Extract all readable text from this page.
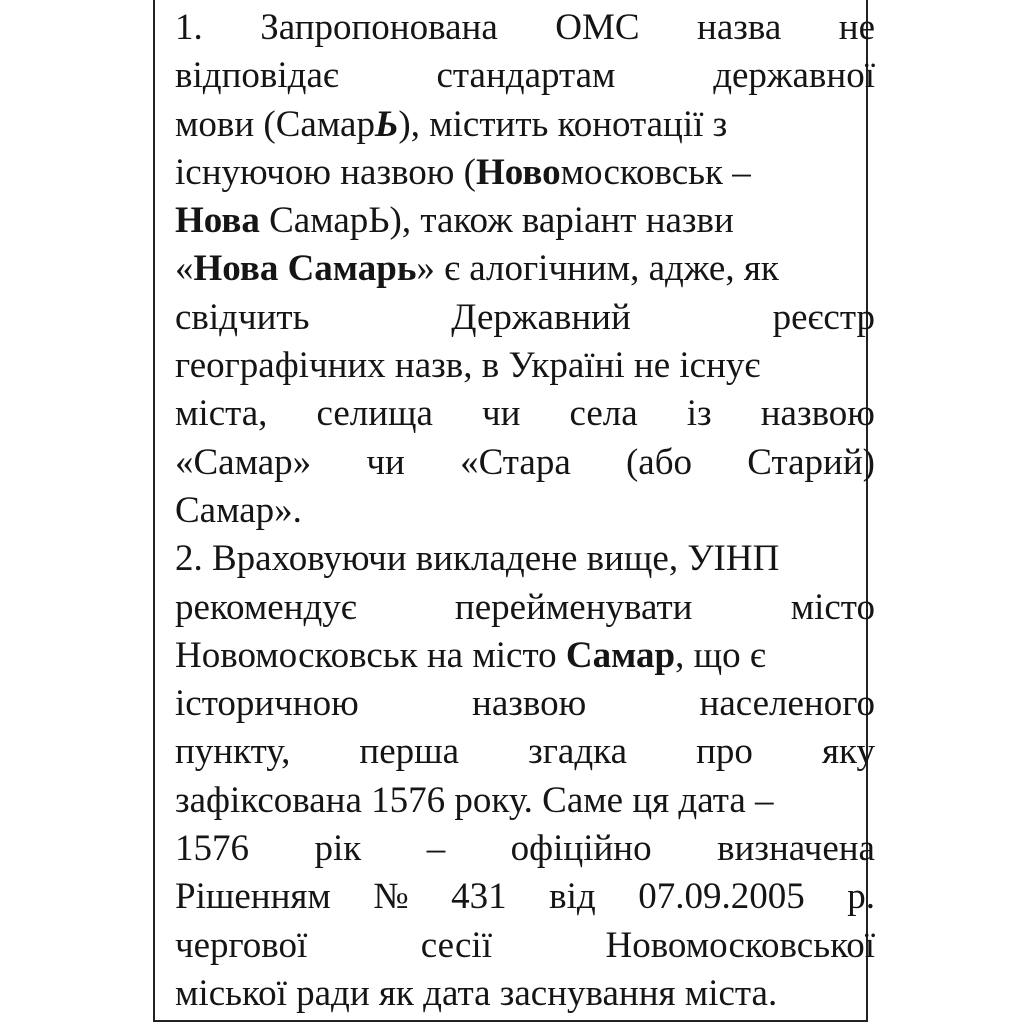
1. Запропонована ОМС назва не
відповідає	стандартам	державної
мови (СамарЬ), містить конотації з
існуючою назвою (Новомосковськ –
Нова СамарЬ), також варіант назви
«Нова Самарь» є алогічним, адже, як
свідчить	Державний	реєстр
географічних назв, в Україні не існує
міста, селища чи села із назвою
«Самар» чи «Стара (або Старий)
Самар».
2. Враховуючи викладене вище, УІНП
рекомендує	перейменувати	місто
Новомосковськ на місто Самар, що є
історичною	назвою	населеного
пункту, перша згадка про яку
зафіксована 1576 року. Саме ця дата –
1576 рік – офіційно визначена
Рішенням № 431 від 07.09.2005 р.
чергової	сесії	Новомосковської
міської ради як дата заснування міста.
